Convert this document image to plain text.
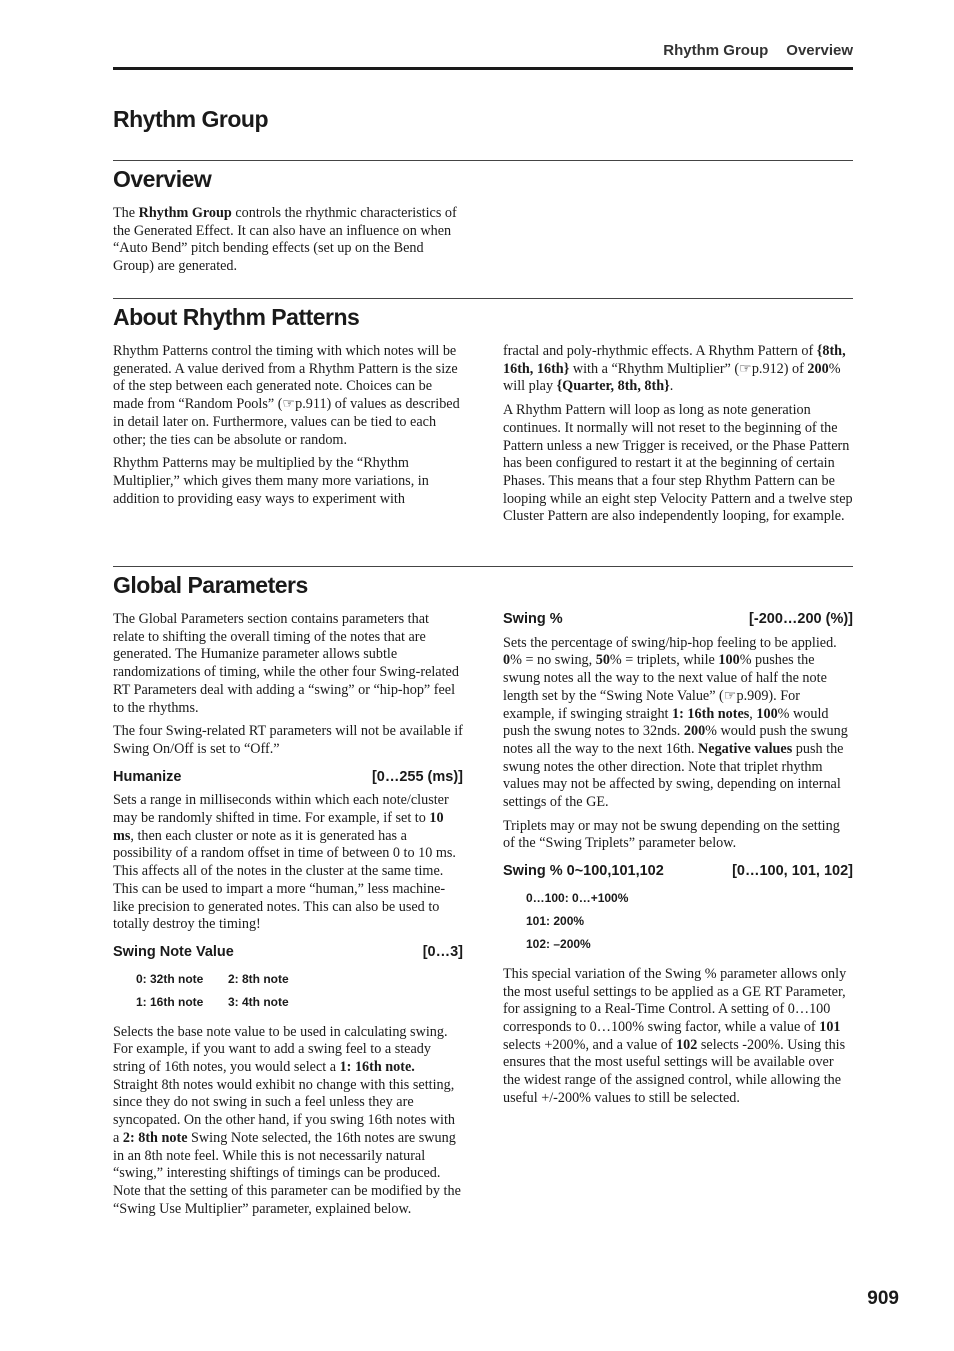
Rhythm Group Overview
Rhythm Group
Overview

The Rhythm Group controls the rhythmic characteristics of the Generated Effect. It can also have an influence on when “Auto Bend” pitch bending effects (set up on the Bend Group) are generated.

About Rhythm Patterns

Rhythm Patterns control the timing with which notes will be generated. A value derived from a Rhythm Pattern is the size of the step between each generated note. Choices can be made from “Random Pools” (☞p.911) of values as described in detail later on. Furthermore, values can be tied to each other; the ties can be absolute or random.

Rhythm Patterns may be multiplied by the “Rhythm Multiplier,” which gives them many more variations, in addition to providing easy ways to experiment with

fractal and poly-rhythmic effects. A Rhythm Pattern of {8th, 16th, 16th} with a “Rhythm Multiplier” (☞p.912) of 200% will play {Quarter, 8th, 8th}.

A Rhythm Pattern will loop as long as note generation continues. It normally will not reset to the beginning of the Pattern unless a new Trigger is received, or the Phase Pattern has been configured to restart it at the beginning of certain Phases. This means that a four step Rhythm Pattern can be looping while an eight step Velocity Pattern and a twelve step Cluster Pattern are also independently looping, for example.

Global Parameters

The Global Parameters section contains parameters that relate to shifting the overall timing of the notes that are generated. The Humanize parameter allows subtle randomizations of timing, while the other four Swing-related RT Parameters deal with adding a “swing” or “hip-hop” feel to the rhythms.

The four Swing-related RT parameters will not be available if Swing On/Off is set to “Off.”

Humanize	[0…255 (ms)]

Sets a range in milliseconds within which each note/cluster may be randomly shifted in time. For example, if set to 10 ms, then each cluster or note as it is generated has a possibility of a random offset in time of between 0 to 10 ms. This affects all of the notes in the cluster at the same time. This can be used to impart a more “human,” less machine-like precision to generated notes. This can also be used to totally destroy the timing!

Swing Note Value	[0…3]
0: 32th note	2: 8th note
1: 16th note	3: 4th note

Selects the base note value to be used in calculating swing. For example, if you want to add a swing feel to a steady string of 16th notes, you would select a 1: 16th note. Straight 8th notes would exhibit no change with this setting, since they do not swing in such a feel unless they are syncopated. On the other hand, if you swing 16th notes with a 2: 8th note Swing Note selected, the 16th notes are swung in an 8th note feel. While this is not necessarily natural “swing,” interesting shiftings of timings can be produced. Note that the setting of this parameter can be modified by the “Swing Use Multiplier” parameter, explained below.

Swing %	[-200…200 (%)]

Sets the percentage of swing/hip-hop feeling to be applied. 0% = no swing, 50% = triplets, while 100% pushes the swung notes all the way to the next value of half the note length set by the “Swing Note Value” (☞p.909). For example, if swinging straight 1: 16th notes, 100% would push the swung notes to 32nds. 200% would push the swung notes all the way to the next 16th. Negative values push the swung notes the other direction. Note that triplet rhythm values may not be affected by swing, depending on internal settings of the GE.

Triplets may or may not be swung depending on the setting of the “Swing Triplets” parameter below.

Swing % 0~100,101,102	[0…100, 101, 102]
0…100: 0…+100%
101: 200%
102: –200%

This special variation of the Swing % parameter allows only the most useful settings to be applied as a GE RT Parameter, for assigning to a Real-Time Control. A setting of 0…100 corresponds to 0…100% swing factor, while a value of 101 selects +200%, and a value of 102 selects -200%. Using this ensures that the most useful settings will be available over the widest range of the assigned control, while allowing the useful +/-200% values to still be selected.

909
